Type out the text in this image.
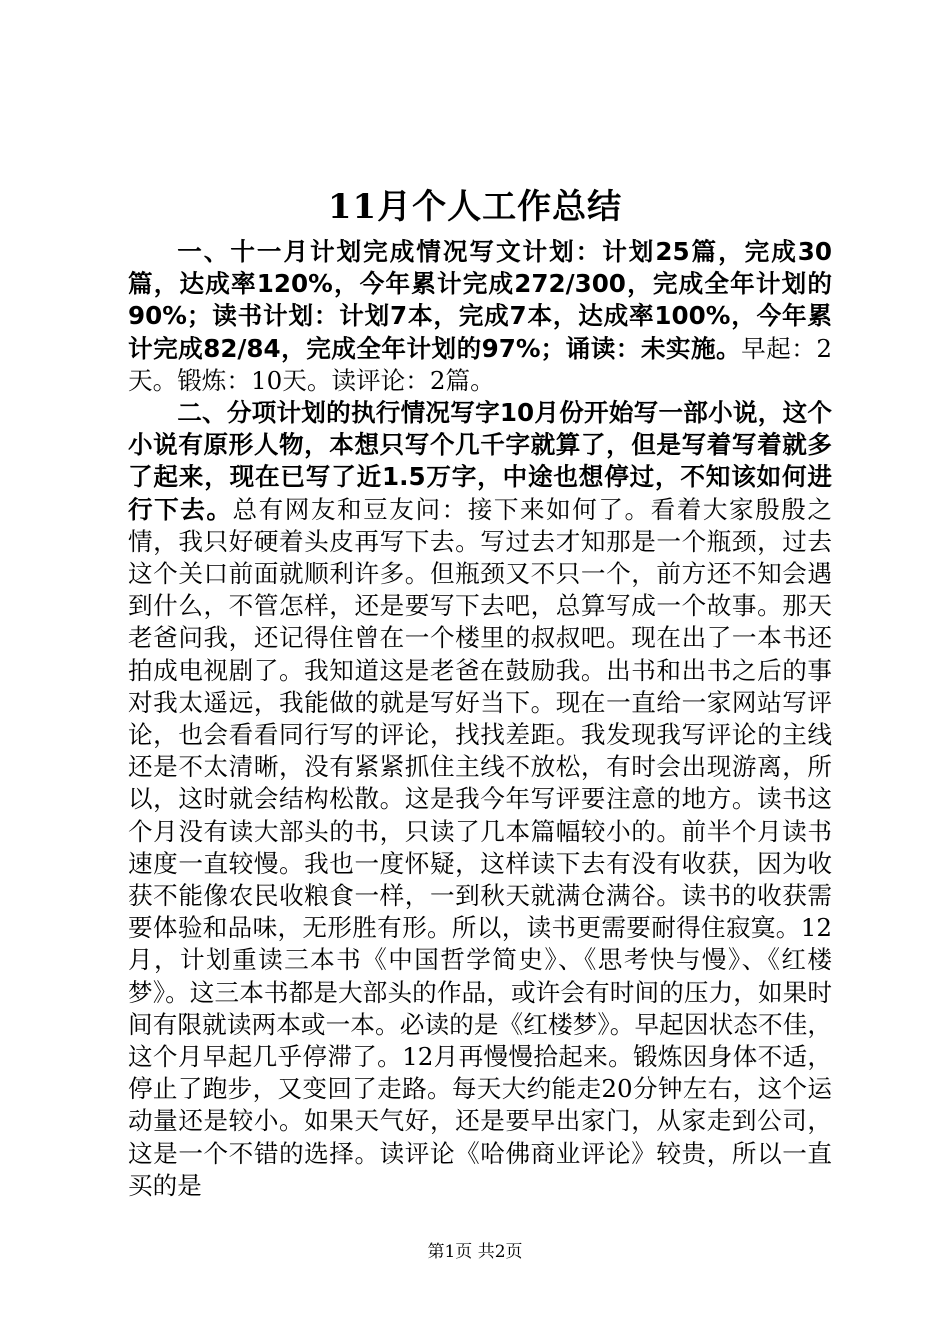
11月个人工作总结

一、十一月计划完成情况写文计划：计划25篇，完成30篇，达成率120%，今年累计完成272/300，完成全年计划的90%；读书计划：计划7本，完成7本，达成率100%，今年累计完成82/84，完成全年计划的97%；诵读：未实施。早起：2天。锻炼：10天。读评论：2篇。

二、分项计划的执行情况写字10月份开始写一部小说，这个小说有原形人物，本想只写个几千字就算了，但是写着写着就多了起来，现在已写了近1.5万字，中途也想停过，不知该如何进行下去。总有网友和豆友问：接下来如何了。看着大家殷殷之情，我只好硬着头皮再写下去。写过去才知那是一个瓶颈，过去这个关口前面就顺利许多。但瓶颈又不只一个，前方还不知会遇到什么，不管怎样，还是要写下去吧，总算写成一个故事。那天老爸问我，还记得住曾在一个楼里的叔叔吧。现在出了一本书还拍成电视剧了。我知道这是老爸在鼓励我。出书和出书之后的事对我太遥远，我能做的就是写好当下。现在一直给一家网站写评论，也会看看同行写的评论，找找差距。我发现我写评论的主线还是不太清晰，没有紧紧抓住主线不放松，有时会出现游离，所以，这时就会结构松散。这是我今年写评要注意的地方。读书这个月没有读大部头的书，只读了几本篇幅较小的。前半个月读书速度一直较慢。我也一度怀疑，这样读下去有没有收获，因为收获不能像农民收粮食一样，一到秋天就满仓满谷。读书的收获需要体验和品味，无形胜有形。所以，读书更需要耐得住寂寞。12月，计划重读三本书《中国哲学简史》、《思考快与慢》、《红楼梦》。这三本书都是大部头的作品，或许会有时间的压力，如果时间有限就读两本或一本。必读的是《红楼梦》。早起因状态不佳，这个月早起几乎停滞了。12月再慢慢拾起来。锻炼因身体不适，停止了跑步，又变回了走路。每天大约能走20分钟左右，这个运动量还是较小。如果天气好，还是要早出家门，从家走到公司，这是一个不错的选择。读评论《哈佛商业评论》较贵，所以一直买的是

第1页 共2页
